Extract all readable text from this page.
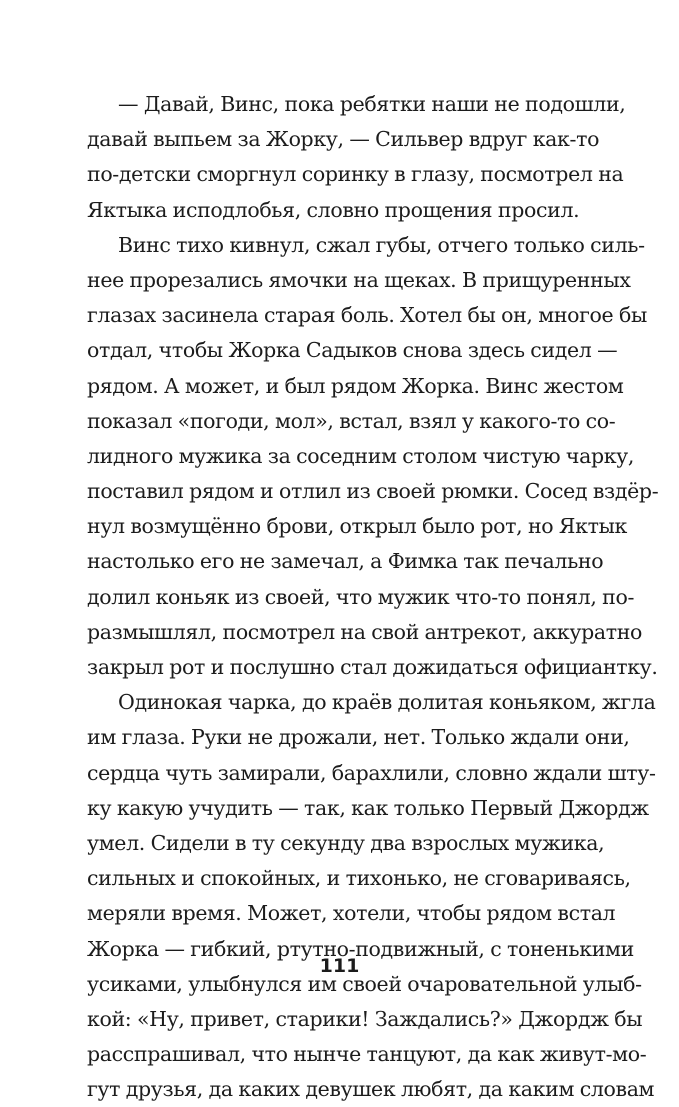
— Давай, Винс, пока ребятки наши не подошли,
давай выпьем за Жорку, — Сильвер вдруг как-то
по-детски сморгнул соринку в глазу, посмотрел на
Яктыка исподлобья, словно прощения просил.
Винс тихо кивнул, сжал губы, отчего только силь-
нее прорезались ямочки на щеках. В прищуренных
глазах засинела старая боль. Хотел бы он, многое бы
отдал, чтобы Жорка Садыков снова здесь сидел —
рядом. А может, и был рядом Жорка. Винс жестом
показал «погоди, мол», встал, взял у какого-то со-
лидного мужика за соседним столом чистую чарку,
поставил рядом и отлил из своей рюмки. Сосед вздёр-
нул возмущённо брови, открыл было рот, но Яктык
настолько его не замечал, а Фимка так печально
долил коньяк из своей, что мужик что-то понял, по-
размышлял, посмотрел на свой антрекот, аккуратно
закрыл рот и послушно стал дожидаться официантку.
Одинокая чарка, до краёв долитая коньяком, жгла
им глаза. Руки не дрожали, нет. Только ждали они,
сердца чуть замирали, барахлили, словно ждали шту-
ку какую учудить — так, как только Первый Джордж
умел. Сидели в ту секунду два взрослых мужика,
сильных и спокойных, и тихонько, не сговариваясь,
меряли время. Может, хотели, чтобы рядом встал
Жорка — гибкий, ртутно-подвижный, с тоненькими
усиками, улыбнулся им своей очаровательной улыб-
кой: «Ну, привет, старики! Заждались?» Джордж бы
расспрашивал, что нынче танцуют, да как живут-мо-
гут друзья, да каких девушек любят, да каким словам
111
